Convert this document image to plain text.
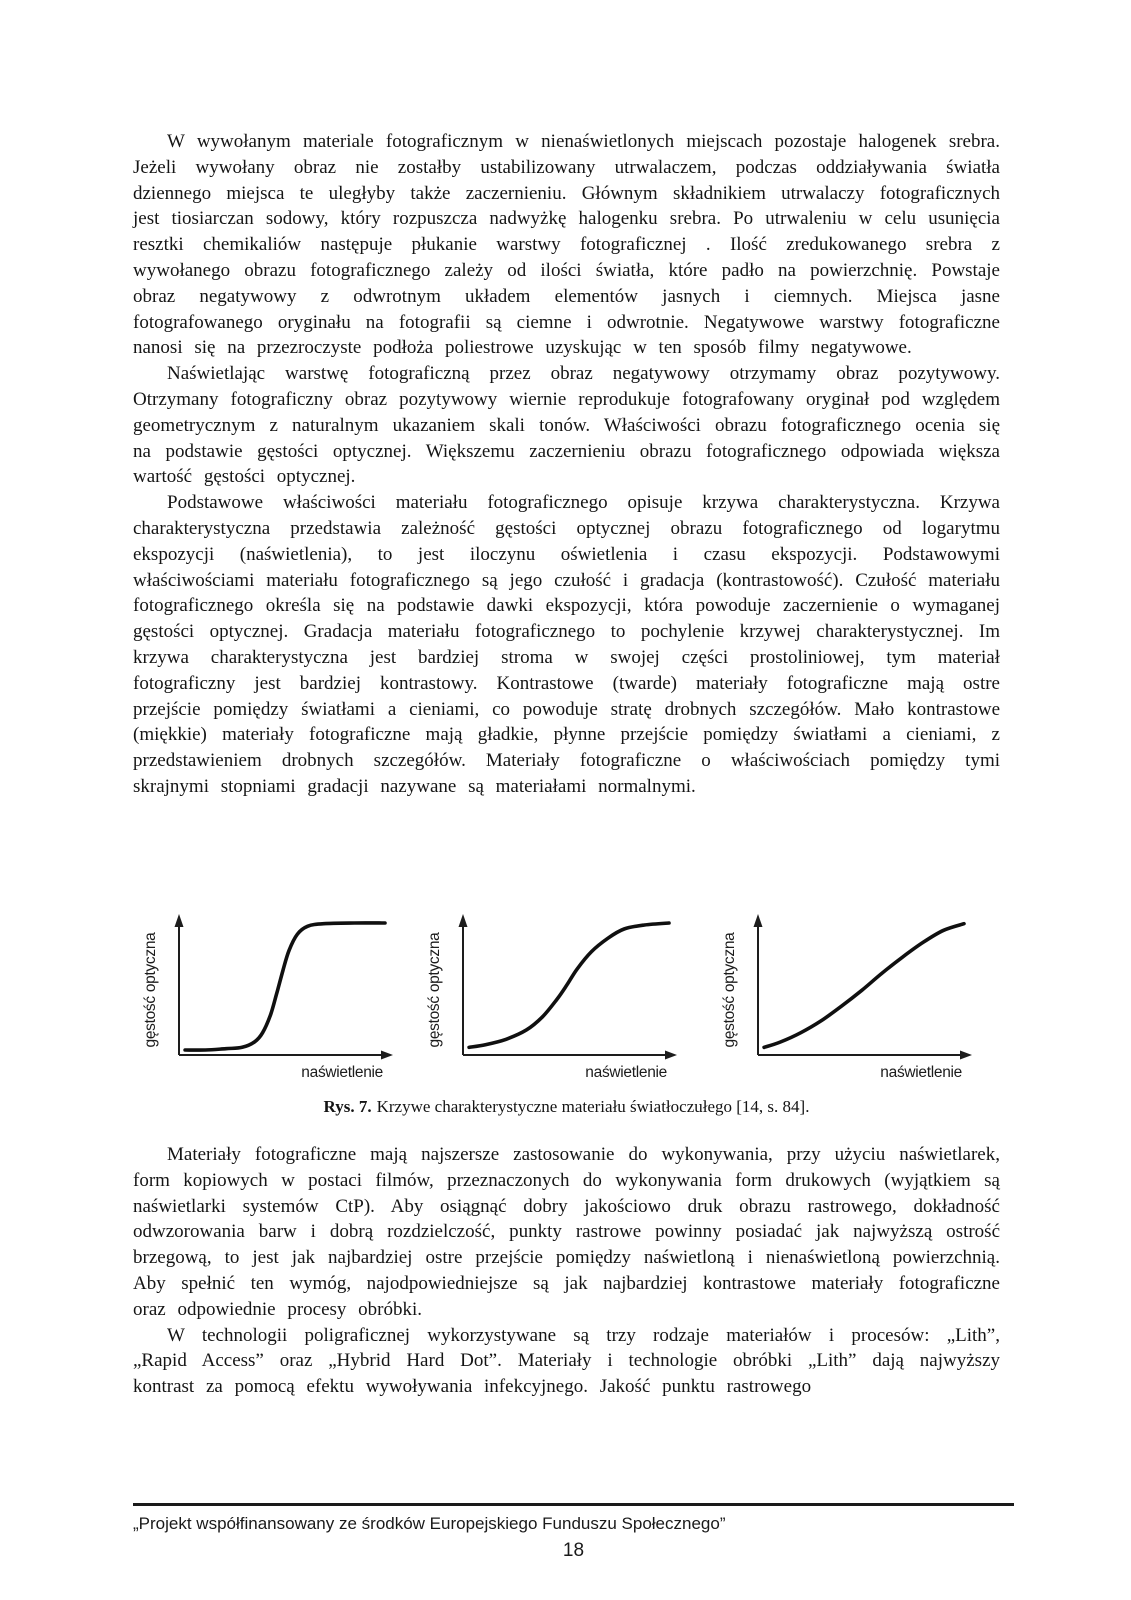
W wywołanym materiale fotograficznym w nienaświetlonych miejscach pozostaje halogenek srebra. Jeżeli wywołany obraz nie zostałby ustabilizowany utrwalaczem, podczas oddziaływania światła dziennego miejsca te uległyby także zaczernieniu. Głównym składnikiem utrwalaczy fotograficznych jest tiosiarczan sodowy, który rozpuszcza nadwyżkę halogenku srebra. Po utrwaleniu w celu usunięcia resztki chemikaliów następuje płukanie warstwy fotograficznej . Ilość zredukowanego srebra z wywołanego obrazu fotograficznego zależy od ilości światła, które padło na powierzchnię. Powstaje obraz negatywowy z odwrotnym układem elementów jasnych i ciemnych. Miejsca jasne fotografowanego oryginału na fotografii są ciemne i odwrotnie. Negatywowe warstwy fotograficzne nanosi się na przezroczyste podłoża poliestrowe uzyskując w ten sposób filmy negatywowe.

Naświetlając warstwę fotograficzną przez obraz negatywowy otrzymamy obraz pozytywowy. Otrzymany fotograficzny obraz pozytywowy wiernie reprodukuje fotografowany oryginał pod względem geometrycznym z naturalnym ukazaniem skali tonów. Właściwości obrazu fotograficznego ocenia się na podstawie gęstości optycznej. Większemu zaczernieniu obrazu fotograficznego odpowiada większa wartość gęstości optycznej.

Podstawowe właściwości materiału fotograficznego opisuje krzywa charakterystyczna. Krzywa charakterystyczna przedstawia zależność gęstości optycznej obrazu fotograficznego od logarytmu ekspozycji (naświetlenia), to jest iloczynu oświetlenia i czasu ekspozycji. Podstawowymi właściwościami materiału fotograficznego są jego czułość i gradacja (kontrastowość). Czułość materiału fotograficznego określa się na podstawie dawki ekspozycji, która powoduje zaczernienie o wymaganej gęstości optycznej. Gradacja materiału fotograficznego to pochylenie krzywej charakterystycznej. Im krzywa charakterystyczna jest bardziej stroma w swojej części prostoliniowej, tym materiał fotograficzny jest bardziej kontrastowy. Kontrastowe (twarde) materiały fotograficzne mają ostre przejście pomiędzy światłami a cieniami, co powoduje stratę drobnych szczegółów. Mało kontrastowe (miękkie) materiały fotograficzne mają gładkie, płynne przejście pomiędzy światłami a cieniami, z przedstawieniem drobnych szczegółów. Materiały fotograficzne o właściwościach pomiędzy tymi skrajnymi stopniami gradacji nazywane są materiałami normalnymi.

gęstość optyczna
naświetlenie
gęstość optyczna
naświetlenie
gęstość optyczna
naświetlenie
Rys. 7. Krzywe charakterystyczne materiału światłoczułego [14, s. 84].

Materiały fotograficzne mają najszersze zastosowanie do wykonywania, przy użyciu naświetlarek, form kopiowych w postaci filmów, przeznaczonych do wykonywania form drukowych (wyjątkiem są naświetlarki systemów CtP). Aby osiągnąć dobry jakościowo druk obrazu rastrowego, dokładność odwzorowania barw i dobrą rozdzielczość, punkty rastrowe powinny posiadać jak najwyższą ostrość brzegową, to jest jak najbardziej ostre przejście pomiędzy naświetloną i nienaświetloną powierzchnią. Aby spełnić ten wymóg, najodpowiedniejsze są jak najbardziej kontrastowe materiały fotograficzne oraz odpowiednie procesy obróbki.

W technologii poligraficznej wykorzystywane są trzy rodzaje materiałów i procesów: „Lith”, „Rapid Access” oraz „Hybrid Hard Dot”. Materiały i technologie obróbki „Lith” dają najwyższy kontrast za pomocą efektu wywoływania infekcyjnego. Jakość punktu rastrowego

„Projekt współfinansowany ze środków Europejskiego Funduszu Społecznego”
18
